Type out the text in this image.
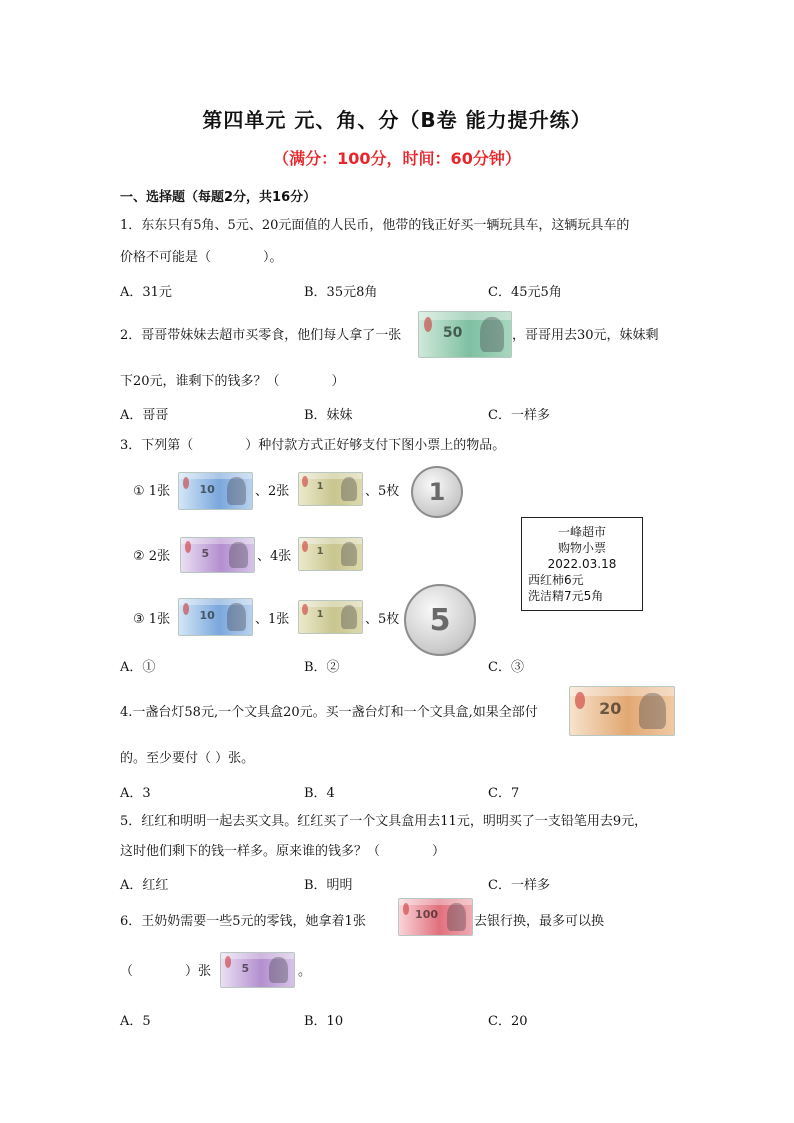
第四单元 元、角、分（B卷 能力提升练）
（满分：100分，时间：60分钟）
一、选择题（每题2分，共16分）
1．东东只有5角、5元、20元面值的人民币，他带的钱正好买一辆玩具车，这辆玩具车的
价格不可能是（　　　　）。
A．31元	B．35元8角	C．45元5角
2．哥哥带妹妹去超市买零食，他们每人拿了一张	50	，哥哥用去30元，妹妹剩
下20元，谁剩下的钱多？（　　　　）
A．哥哥	B．妹妹	C．一样多
3．下列第（　　　　）种付款方式正好够支付下图小票上的物品。
① 1张	10	、2张	1	、5枚	1
② 2张	5	、4张	1
一峰超市
购物小票
2022.03.18
西红柿6元
洗洁精7元5角
③ 1张	10	、1张	1	、5枚	5
A．①	B．②	C．③
4.一盏台灯58元,一个文具盒20元。买一盏台灯和一个文具盒,如果全部付	20
的。至少要付（ ）张。
A．3	B．4	C．7
5．红红和明明一起去买文具。红红买了一个文具盒用去11元，明明买了一支铅笔用去9元，
这时他们剩下的钱一样多。原来谁的钱多？（　　　　）
A．红红	B．明明	C．一样多
6．王奶奶需要一些5元的零钱，她拿着1张	100	去银行换，最多可以换
（　　　　）张	5	。
A．5	B．10	C．20
